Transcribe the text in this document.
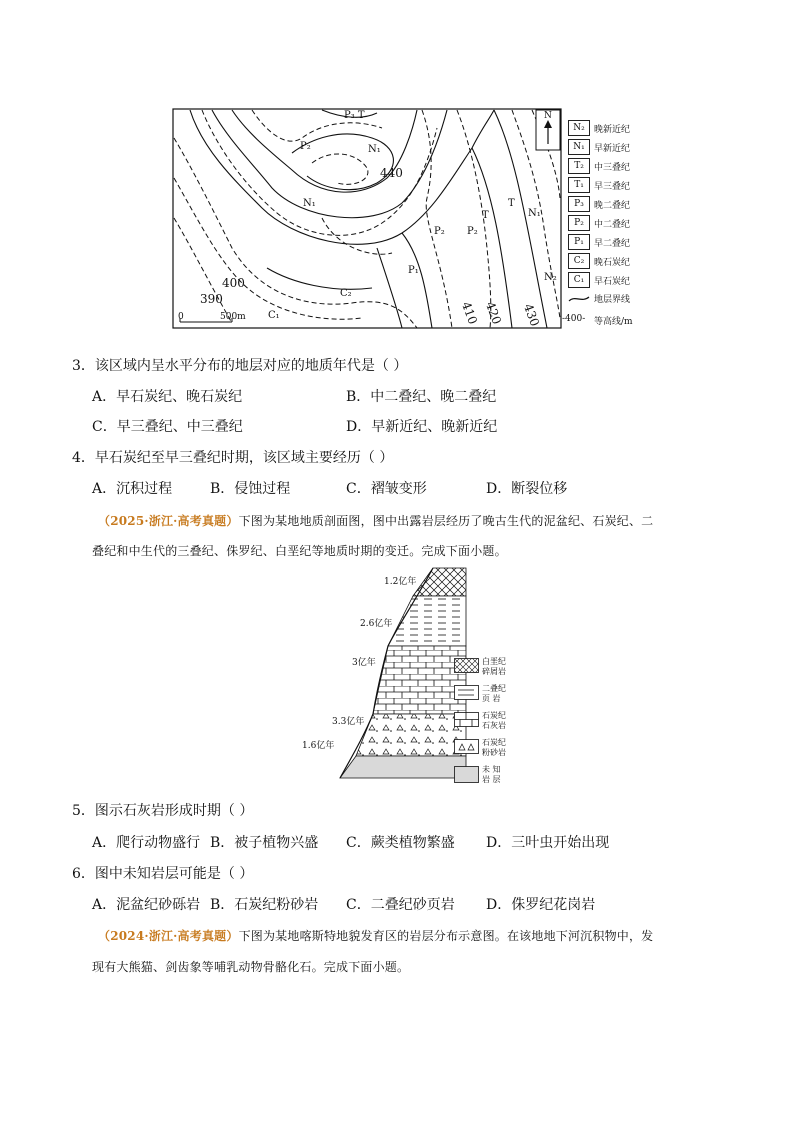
P₃ T
P₂	N₁
440
N₁	T
N₁
T
P₂ P₂
P₁
N₂
400
390	C₂
C₁	410 420 430
0	500m
N
N₂	晚新近纪
N₁	早新近纪
T₂	中三叠纪
T₁	早三叠纪
P₃	晚二叠纪
P₂	中二叠纪
P₁	早二叠纪
C₂	晚石炭纪
C₁	早石炭纪
地层界线
-400- 等高线/m
3．该区域内呈水平分布的地层对应的地质年代是（ ）
A．早石炭纪、晚石炭纪	B．中二叠纪、晚二叠纪
C．早三叠纪、中三叠纪	D．早新近纪、晚新近纪
4．早石炭纪至早三叠纪时期，该区域主要经历（ ）
A．沉积过程	B．侵蚀过程	C．褶皱变形	D．断裂位移
（2025·浙江·高考真题）下图为某地地质剖面图，图中出露岩层经历了晚古生代的泥盆纪、石炭纪、二
叠纪和中生代的三叠纪、侏罗纪、白垩纪等地质时期的变迁。完成下面小题。
1.2亿年
2.6亿年
3亿年
3.3亿年
1.6亿年
白垩纪
碎屑岩
二叠纪
页 岩
石炭纪
石灰岩
石炭纪
粉砂岩
未 知
岩 层
5．图示石灰岩形成时期（ ）
A．爬行动物盛行 B．被子植物兴盛 C．蕨类植物繁盛 D．三叶虫开始出现
6．图中未知岩层可能是（ ）
A．泥盆纪砂砾岩 B．石炭纪粉砂岩 C．二叠纪砂页岩 D．侏罗纪花岗岩
（2024·浙江·高考真题）下图为某地喀斯特地貌发育区的岩层分布示意图。在该地地下河沉积物中，发
现有大熊猫、剑齿象等哺乳动物骨骼化石。完成下面小题。
